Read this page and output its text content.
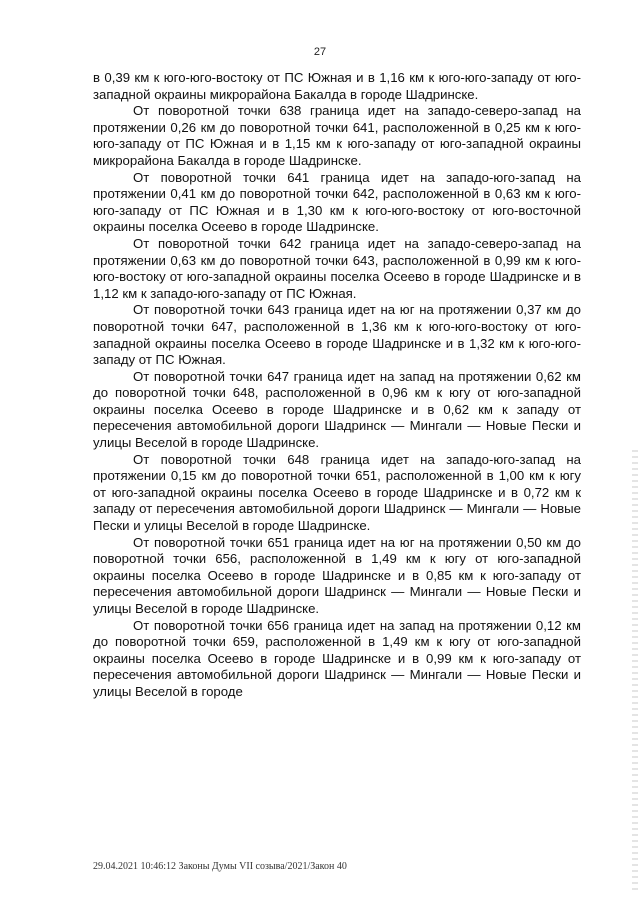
27

в 0,39 км к юго-юго-востоку от ПС Южная и в 1,16 км к юго-юго-западу от юго-западной окраины микрорайона Бакалда в городе Шадринске.

От поворотной точки 638 граница идет на западо-северо-запад на протяжении 0,26 км до поворотной точки 641, расположенной в 0,25 км к юго-юго-западу от ПС Южная и в 1,15 км к юго-западу от юго-западной окраины микрорайона Бакалда в городе Шадринске.

От поворотной точки 641 граница идет на западо-юго-запад на протяжении 0,41 км до поворотной точки 642, расположенной в 0,63 км к юго-юго-западу от ПС Южная и в 1,30 км к юго-юго-востоку от юго-восточной окраины поселка Осеево в городе Шадринске.

От поворотной точки 642 граница идет на западо-северо-запад на протяжении 0,63 км до поворотной точки 643, расположенной в 0,99 км к юго-юго-востоку от юго-западной окраины поселка Осеево в городе Шадринске и в 1,12 км к западо-юго-западу от ПС Южная.

От поворотной точки 643 граница идет на юг на протяжении 0,37 км до поворотной точки 647, расположенной в 1,36 км к юго-юго-востоку от юго-западной окраины поселка Осеево в городе Шадринске и в 1,32 км к юго-юго-западу от ПС Южная.

От поворотной точки 647 граница идет на запад на протяжении 0,62 км до поворотной точки 648, расположенной в 0,96 км к югу от юго-западной окраины поселка Осеево в городе Шадринске и в 0,62 км к западу от пересечения автомобильной дороги Шадринск — Мингали — Новые Пески и улицы Веселой в городе Шадринске.

От поворотной точки 648 граница идет на западо-юго-запад на протяжении 0,15 км до поворотной точки 651, расположенной в 1,00 км к югу от юго-западной окраины поселка Осеево в городе Шадринске и в 0,72 км к западу от пересечения автомобильной дороги Шадринск — Мингали — Новые Пески и улицы Веселой в городе Шадринске.

От поворотной точки 651 граница идет на юг на протяжении 0,50 км до поворотной точки 656, расположенной в 1,49 км к югу от юго-западной окраины поселка Осеево в городе Шадринске и в 0,85 км к юго-западу от пересечения автомобильной дороги Шадринск — Мингали — Новые Пески и улицы Веселой в городе Шадринске.

От поворотной точки 656 граница идет на запад на протяжении 0,12 км до поворотной точки 659, расположенной в 1,49 км к югу от юго-западной окраины поселка Осеево в городе Шадринске и в 0,99 км к юго-западу от пересечения автомобильной дороги Шадринск — Мингали — Новые Пески и улицы Веселой в городе

29.04.2021 10:46:12 Законы Думы VII созыва/2021/Закон 40
